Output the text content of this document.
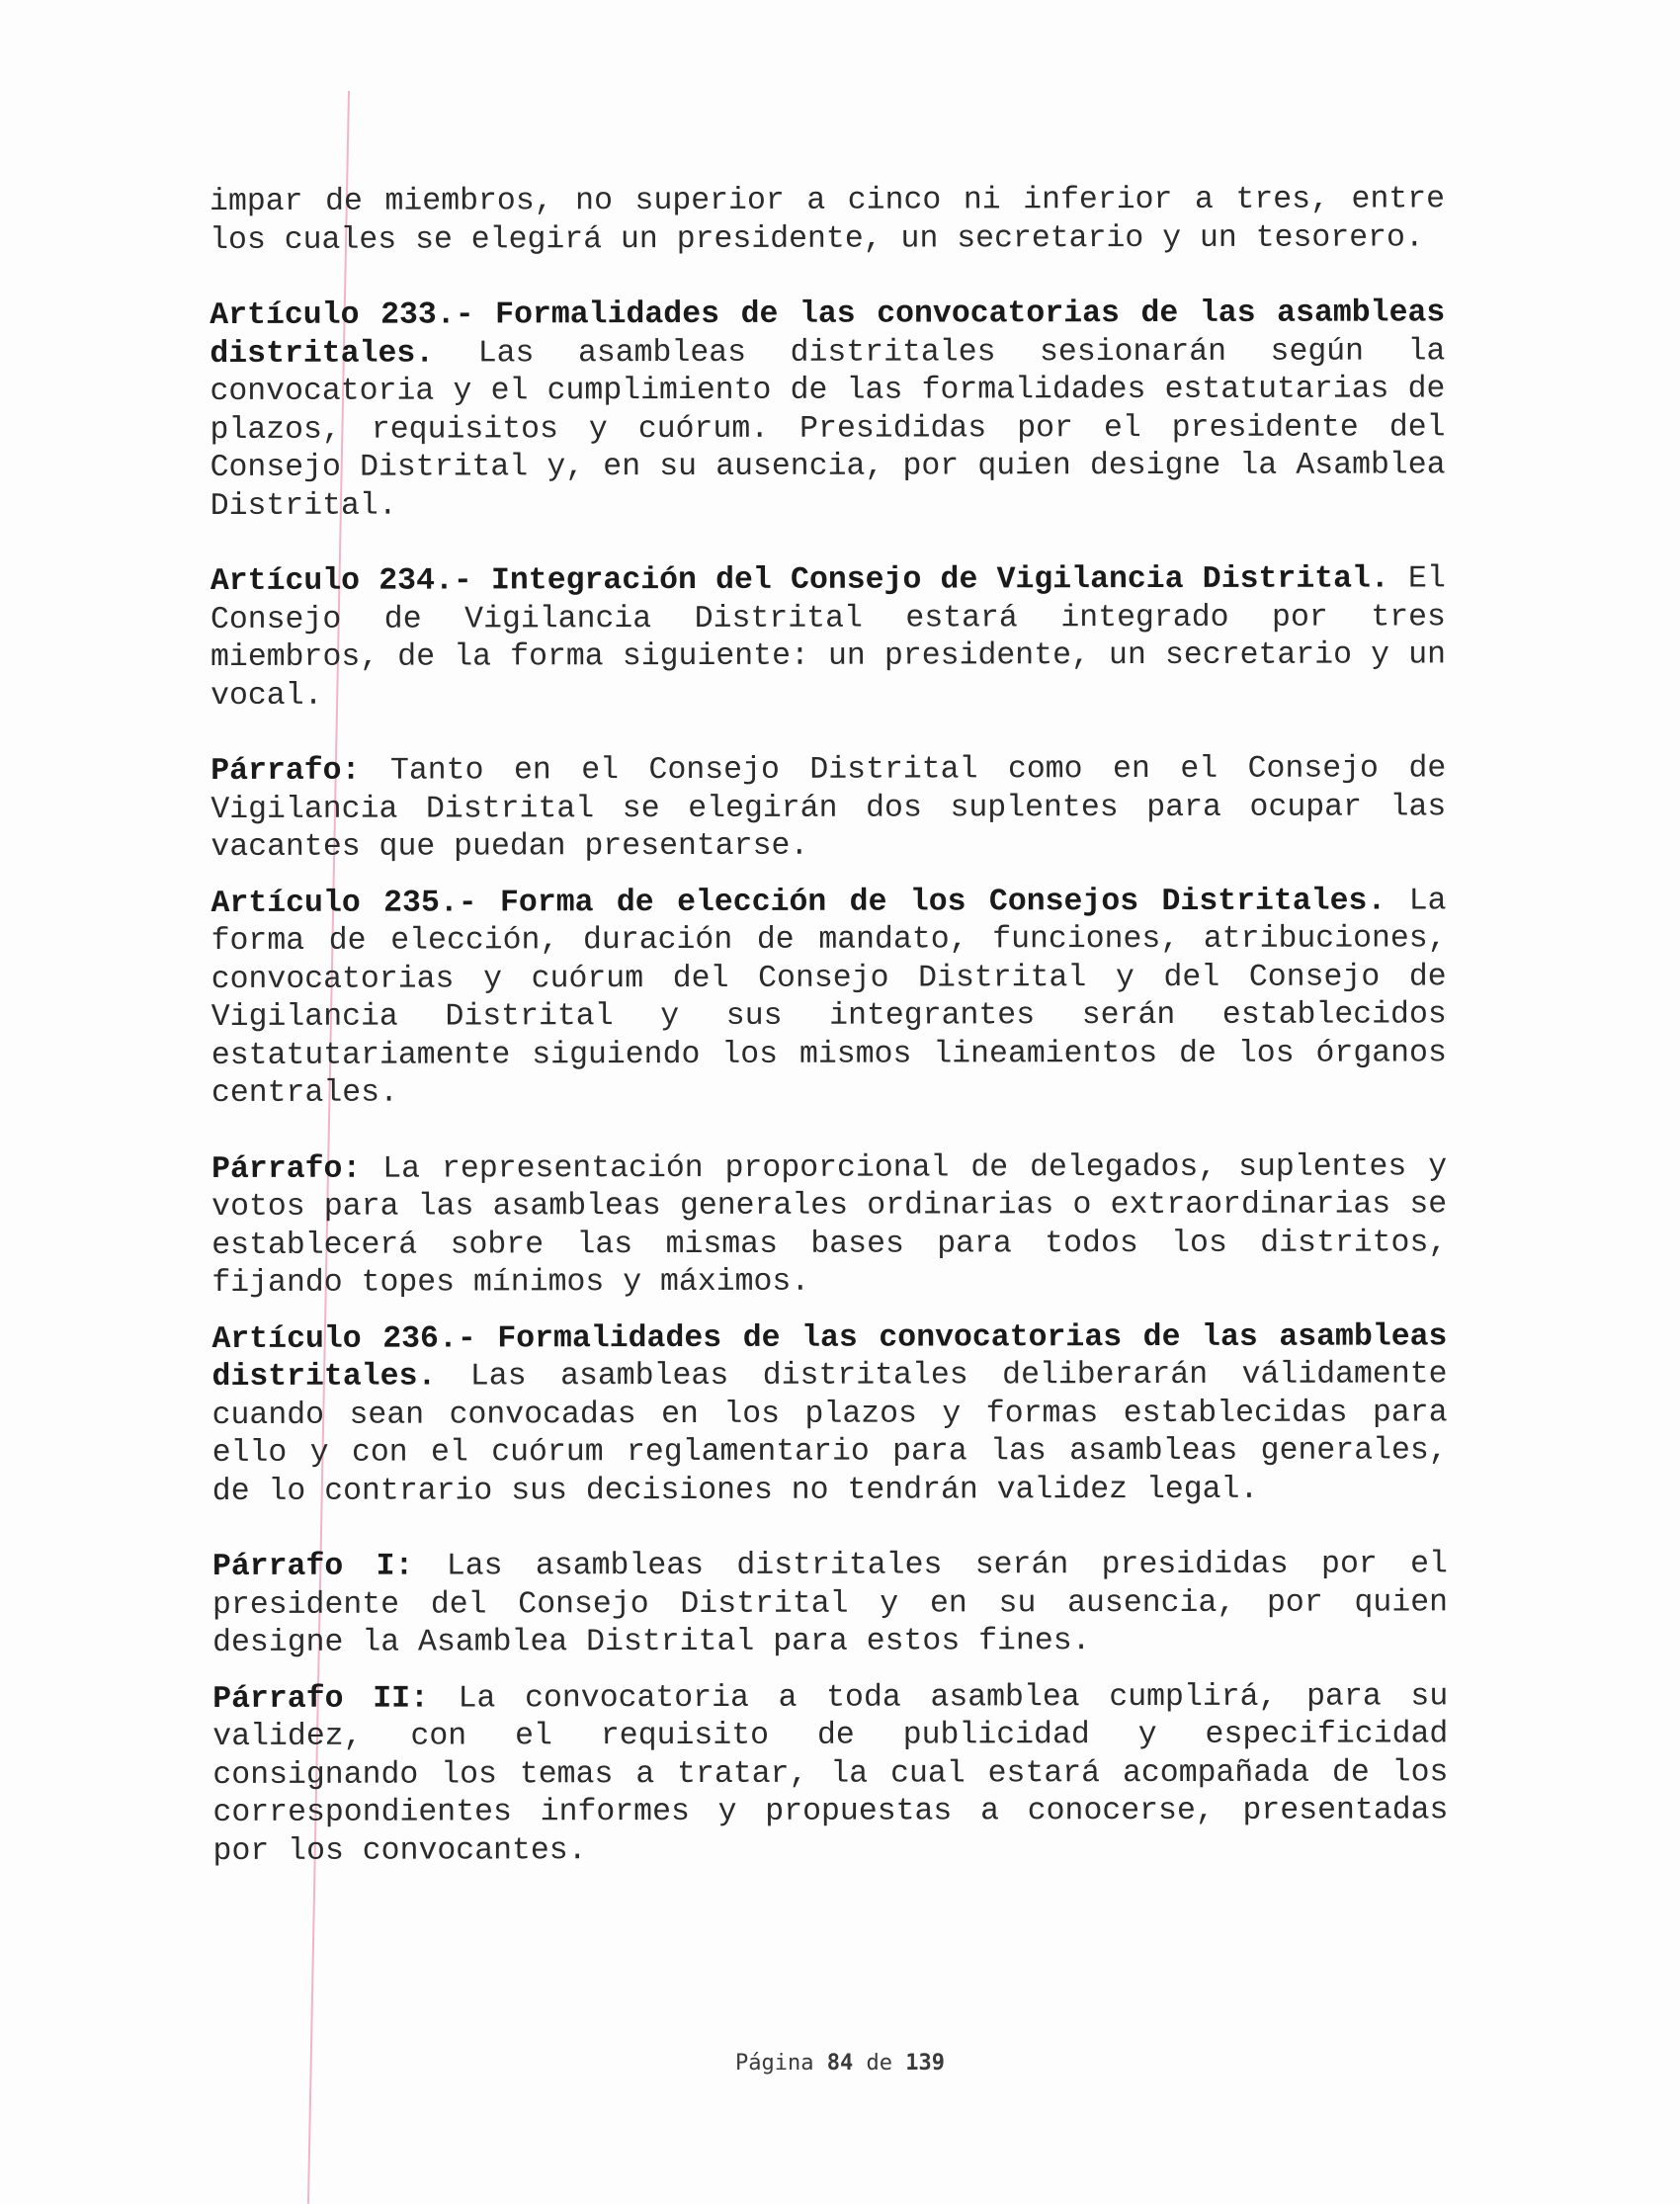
impar de miembros, no superior a cinco ni inferior a tres, entre los cuales se elegirá un presidente, un secretario y un tesorero.

Artículo 233.- Formalidades de las convocatorias de las asambleas distritales. Las asambleas distritales sesionarán según la convocatoria y el cumplimiento de las formalidades estatutarias de plazos, requisitos y cuórum. Presididas por el presidente del Consejo Distrital y, en su ausencia, por quien designe la Asamblea Distrital.

Artículo 234.- Integración del Consejo de Vigilancia Distrital. El Consejo de Vigilancia Distrital estará integrado por tres miembros, de la forma siguiente: un presidente, un secretario y un vocal.

Párrafo: Tanto en el Consejo Distrital como en el Consejo de Vigilancia Distrital se elegirán dos suplentes para ocupar las vacantes que puedan presentarse.

Artículo 235.- Forma de elección de los Consejos Distritales. La forma de elección, duración de mandato, funciones, atribuciones, convocatorias y cuórum del Consejo Distrital y del Consejo de Vigilancia Distrital y sus integrantes serán establecidos estatutariamente siguiendo los mismos lineamientos de los órganos centrales.

Párrafo: La representación proporcional de delegados, suplentes y votos para las asambleas generales ordinarias o extraordinarias se establecerá sobre las mismas bases para todos los distritos, fijando topes mínimos y máximos.

Artículo 236.- Formalidades de las convocatorias de las asambleas distritales. Las asambleas distritales deliberarán válidamente cuando sean convocadas en los plazos y formas establecidas para ello y con el cuórum reglamentario para las asambleas generales, de lo contrario sus decisiones no tendrán validez legal.

Párrafo I: Las asambleas distritales serán presididas por el presidente del Consejo Distrital y en su ausencia, por quien designe la Asamblea Distrital para estos fines.

Párrafo II: La convocatoria a toda asamblea cumplirá, para su validez, con el requisito de publicidad y especificidad consignando los temas a tratar, la cual estará acompañada de los correspondientes informes y propuestas a conocerse, presentadas por los convocantes.

Página 84 de 139
